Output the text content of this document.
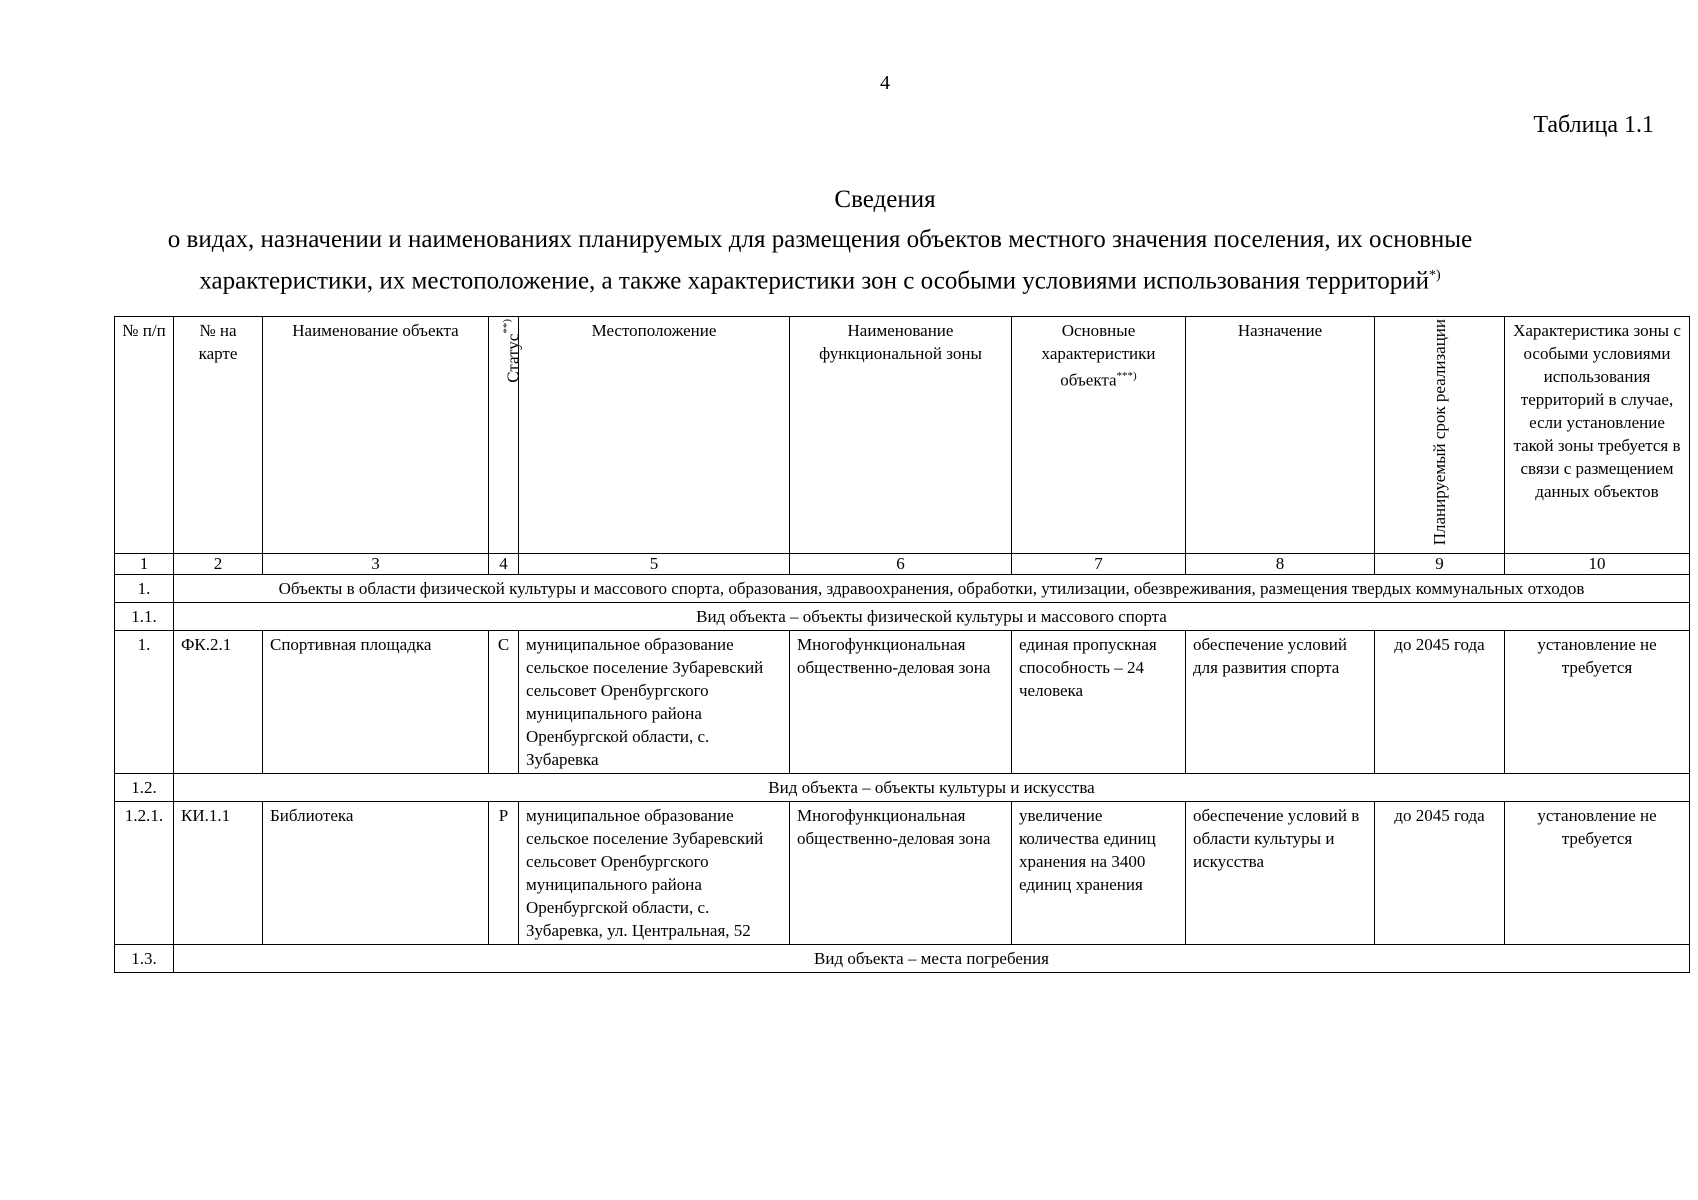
4
Таблица 1.1
Сведения
о видах, назначении и наименованиях планируемых для размещения объектов местного значения поселения, их основные характеристики, их местоположение, а также характеристики зон с особыми условиями использования территорий*)
№ п/п	№ на карте	Наименование объекта	Статус**)	Местоположение	Наименование функциональной зоны	Основные характеристики объекта***)	Назначение	Планируемый срок реализации	Характеристика зоны с особыми условиями использования территорий в случае, если установление такой зоны требуется в связи с размещением данных объектов
1	2	3	4	5	6	7	8	9	10
1.	Объекты в области физической культуры и массового спорта, образования, здравоохранения, обработки, утилизации, обезвреживания, размещения твердых коммунальных отходов								
1.1.	Вид объекта – объекты физической культуры и массового спорта								
1.	ФК.2.1	Спортивная площадка	С	муниципальное образование сельское поселение Зубаревский сельсовет Оренбургского муниципального района Оренбургской области, с. Зубаревка	Многофункциональная общественно-деловая зона	единая пропускная способность – 24 человека	обеспечение условий для развития спорта	до 2045 года	установление не требуется
1.2.	Вид объекта – объекты культуры и искусства								
1.2.1.	КИ.1.1	Библиотека	Р	муниципальное образование сельское поселение Зубаревский сельсовет Оренбургского муниципального района Оренбургской области, с. Зубаревка, ул. Центральная, 52	Многофункциональная общественно-деловая зона	увеличение количества единиц хранения на 3400 единиц хранения	обеспечение условий в области культуры и искусства	до 2045 года	установление не требуется
1.3.	Вид объекта – места погребения								
